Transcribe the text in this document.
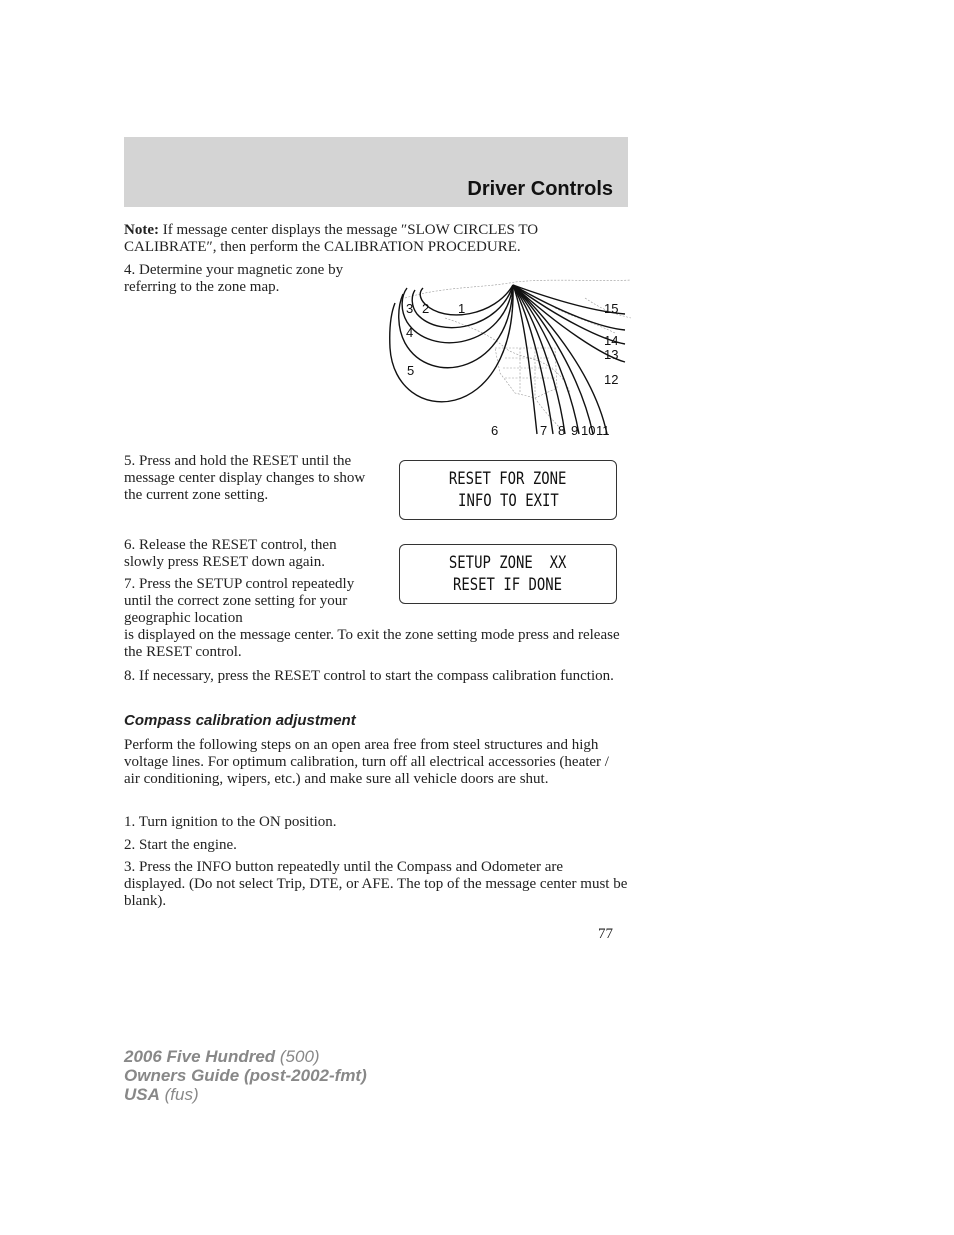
Driver Controls

Note: If message center displays the message ″SLOW CIRCLES TO CALIBRATE″, then perform the CALIBRATION PROCEDURE.

4. Determine your magnetic zone by referring to the zone map.

3 2 1
4
5
15
14
13
12
6	7 8 9 10 11

5. Press and hold the RESET until the message center display changes to show the current zone setting.

RESET FOR ZONE
INFO TO EXIT

6. Release the RESET control, then slowly press RESET down again.	SETUP ZONE  XX
RESET IF DONE

7. Press the SETUP control repeatedly until the correct zone setting for your geographic location

is displayed on the message center. To exit the zone setting mode press and release the RESET control.

8. If necessary, press the RESET control to start the compass calibration function.

Compass calibration adjustment

Perform the following steps on an open area free from steel structures and high voltage lines. For optimum calibration, turn off all electrical accessories (heater / air conditioning, wipers, etc.) and make sure all vehicle doors are shut.

1. Turn ignition to the ON position.

2. Start the engine.

3. Press the INFO button repeatedly until the Compass and Odometer are displayed. (Do not select Trip, DTE, or AFE. The top of the message center must be blank).

77
2006 Five Hundred (500)
Owners Guide (post-2002-fmt)
USA (fus)
